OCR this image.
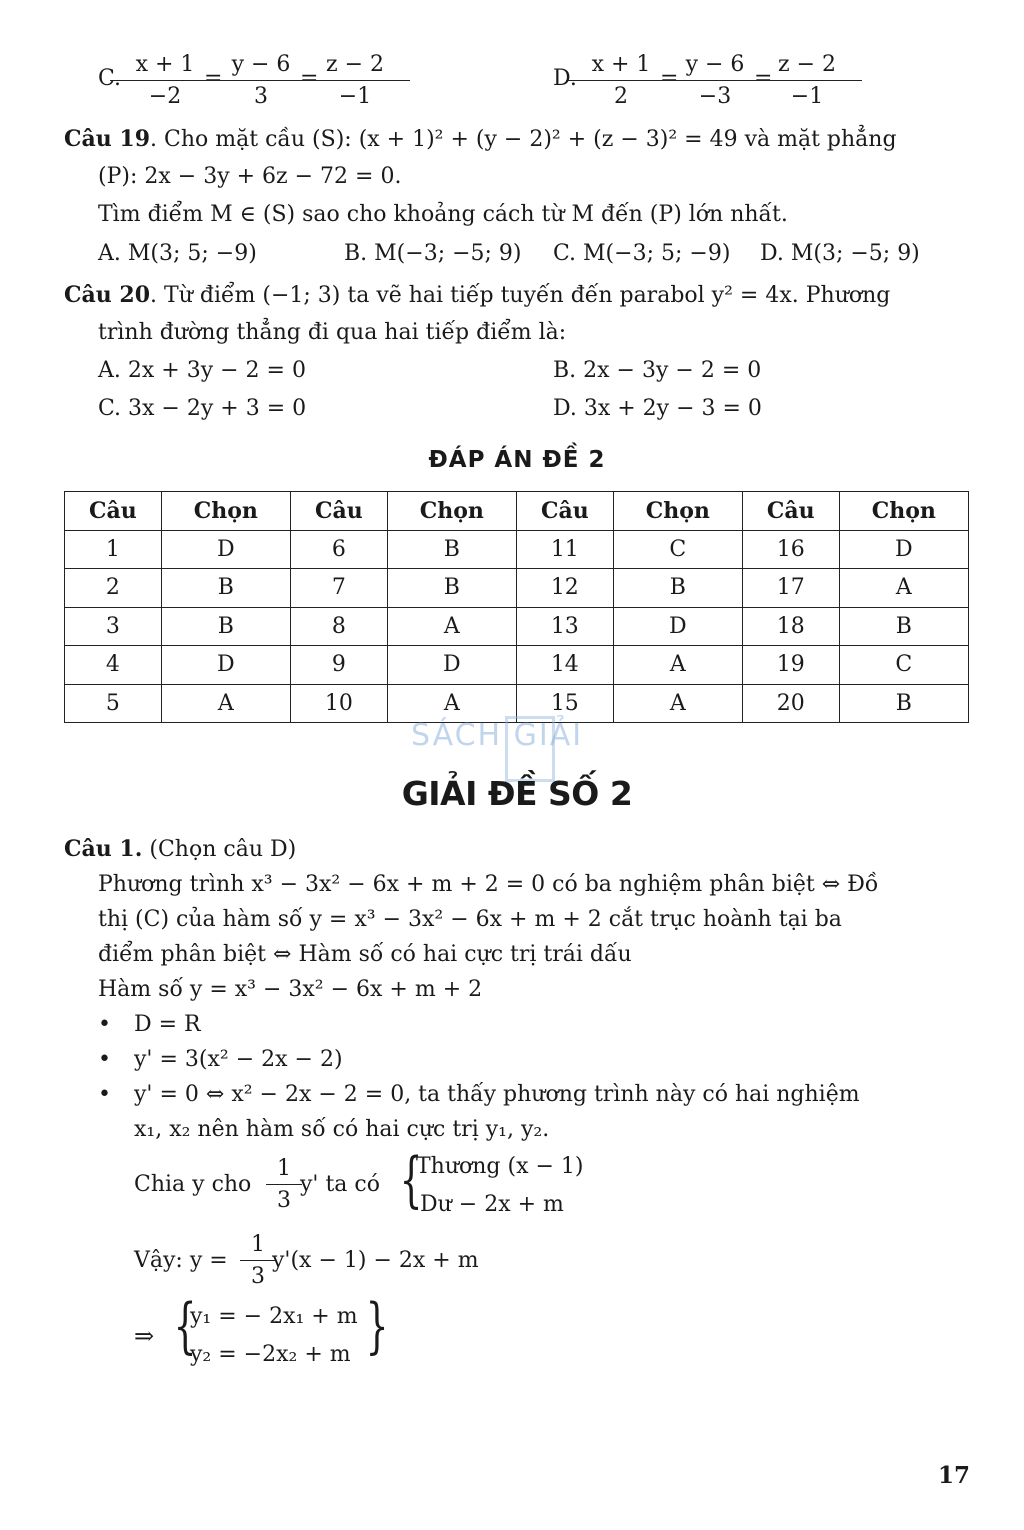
C.
$\frac{x + 1}{-2}$
=
$\frac{y - 6}{3}$
=
$\frac{z - 2}{-1}$	D.
$\frac{x + 1}{2}$
=
$\frac{y - 6}{-3}$
=
$\frac{z - 2}{-1}$
Câu 19. Cho mặt cầu (S): (x + 1)² + (y − 2)² + (z − 3)² = 49 và mặt phẳng
(P): 2x − 3y + 6z − 72 = 0.
Tìm điểm M ∈ (S) sao cho khoảng cách từ M đến (P) lớn nhất.
A. M(3; 5; −9)	B. M(−3; −5; 9) C. M(−3; 5; −9) D. M(3; −5; 9)
Câu 20. Từ điểm (−1; 3) ta vẽ hai tiếp tuyến đến parabol y² = 4x. Phương
trình đường thẳng đi qua hai tiếp điểm là:
A. 2x + 3y − 2 = 0	B. 2x − 3y − 2 = 0
C. 3x − 2y + 3 = 0	D. 3x + 2y − 3 = 0
ĐÁP ÁN ĐỀ 2
Câu	Chọn	Câu	Chọn	Câu	Chọn	Câu	Chọn
1	D	6	B	11	C	16	D
2	B	7	B	12	B	17	A
3	B	8	A	13	D	18	B
4	D	9	D	14	A	19	C
5	A	10	A	15	A	20	B
SÁCH GIẢI
GIẢI ĐỀ SỐ 2
Câu 1. (Chọn câu D)
Phương trình x³ − 3x² − 6x + m + 2 = 0 có ba nghiệm phân biệt ⇔ Đồ
thị (C) của hàm số y = x³ − 3x² − 6x + m + 2 cắt trục hoành tại ba
điểm phân biệt ⇔ Hàm số có hai cực trị trái dấu
Hàm số y = x³ − 3x² − 6x + m + 2
• D = R
• y' = 3(x² − 2x − 2)
• y' = 0 ⇔ x² − 2x − 2 = 0, ta thấy phương trình này có hai nghiệm
x₁, x₂ nên hàm số có hai cực trị y₁, y₂.
Chia y cho $\frac{1}{3}$
y' ta có {
Thương (x − 1)
Dư − 2x + m
Vậy: $y = \frac{1}{3}$
y'(x − 1) − 2x + m
⇒ {
y₁ = − 2x₁ + m
y₂ = −2x₂ + m }
17
